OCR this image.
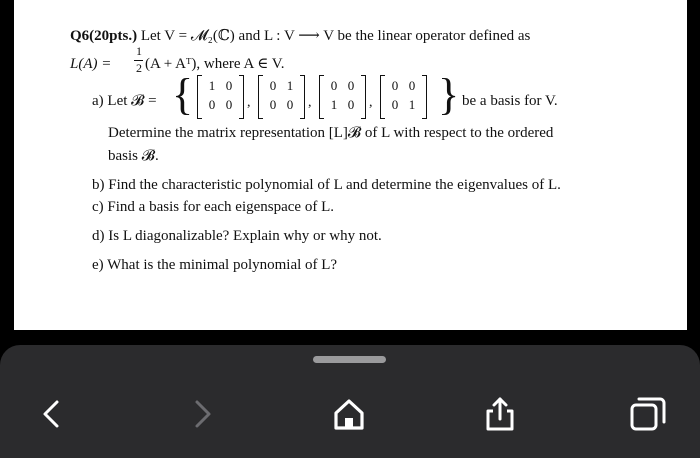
Q6(20pts.) Let V = 𝓜₂(ℂ) and L : V ⟶ V be the linear operator defined as
L(A) =
1
2 (A + Aᵀ), where A ∈ V.
a) Let 𝓑 = { 1 0
0 0 ,
0 1
0 0 ,
0 0
1 0 ,
0 0
0 1 } be a basis for V.
Determine the matrix representation [L]𝓑 of L with respect to the ordered
basis 𝓑.
b) Find the characteristic polynomial of L and determine the eigenvalues of L.
c) Find a basis for each eigenspace of L.
d) Is L diagonalizable? Explain why or why not.
e) What is the minimal polynomial of L?
